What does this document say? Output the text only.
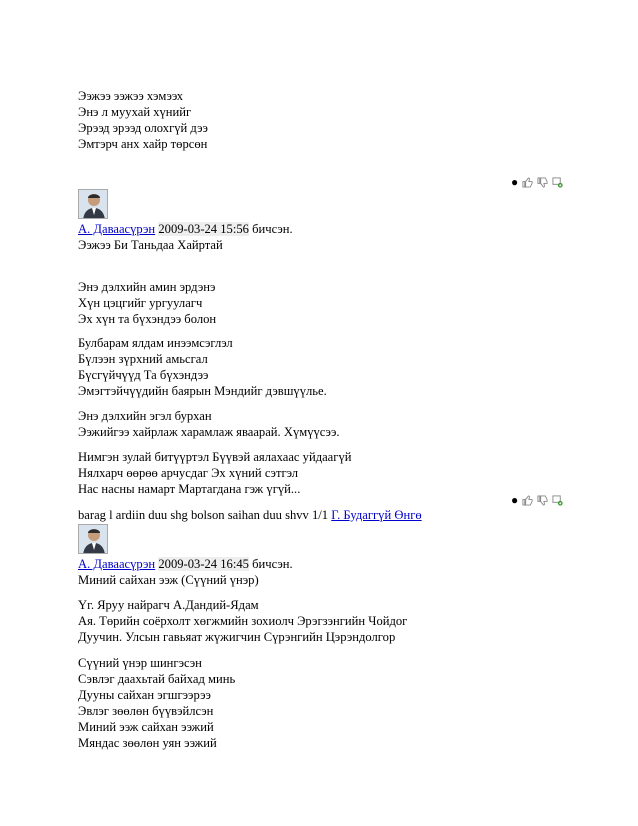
Ээжээ ээжээ хэмээх
Энэ л муухай хүнийг
Эрээд эрээд олохгүй дээ
Эмтэрч анх хайр төрсөн
●
А. Даваасүрэн 2009-03-24 15:56 бичсэн.
Ээжээ Би Таньдаа Хайртай
Энэ дэлхийн амин эрдэнэ
Хүн цэцгийг ургуулагч
Эх хүн та бүхэндээ болон
Булбарам ялдам инээмсэглэл
Бүлээн зүрхний амьсгал
Бүсгүйчүүд Та бүхэндээ
Эмэгтэйчүүдийн баярын Мэндийг дэвшүүлье.
Энэ дэлхийн эгэл бурхан
Ээжийгээ хайрлаж харамлаж яваарай. Хүмүүсээ.
Нимгэн зулай битүүртэл Бүүвэй аялахаас уйдаагүй
Нялхарч өөрөө арчусдаг Эх хүний сэтгэл
Нас насны намарт Мартагдана гэж үгүй...
●
barag l ardiin duu shg bolson saihan duu shvv 1/1 Г. Будаггүй Өнгө
А. Даваасүрэн 2009-03-24 16:45 бичсэн.
Миний сайхан ээж (Сүүний үнэр)
Үг. Яруу найрагч А.Дандий-Ядам
Ая. Төрийн соёрхолт хөгжмийн зохиолч Эрэгзэнгийн Чойдог
Дуучин. Улсын гавьяат жүжигчин Сүрэнгийн Цэрэндолгор
Сүүний үнэр шингэсэн
Сэвлэг даахьтай байхад минь
Дууны сайхан эгшгээрээ
Эвлэг зөөлөн бүүвэйлсэн
Миний ээж сайхан ээжий
Мяндас зөөлөн уян ээжий
